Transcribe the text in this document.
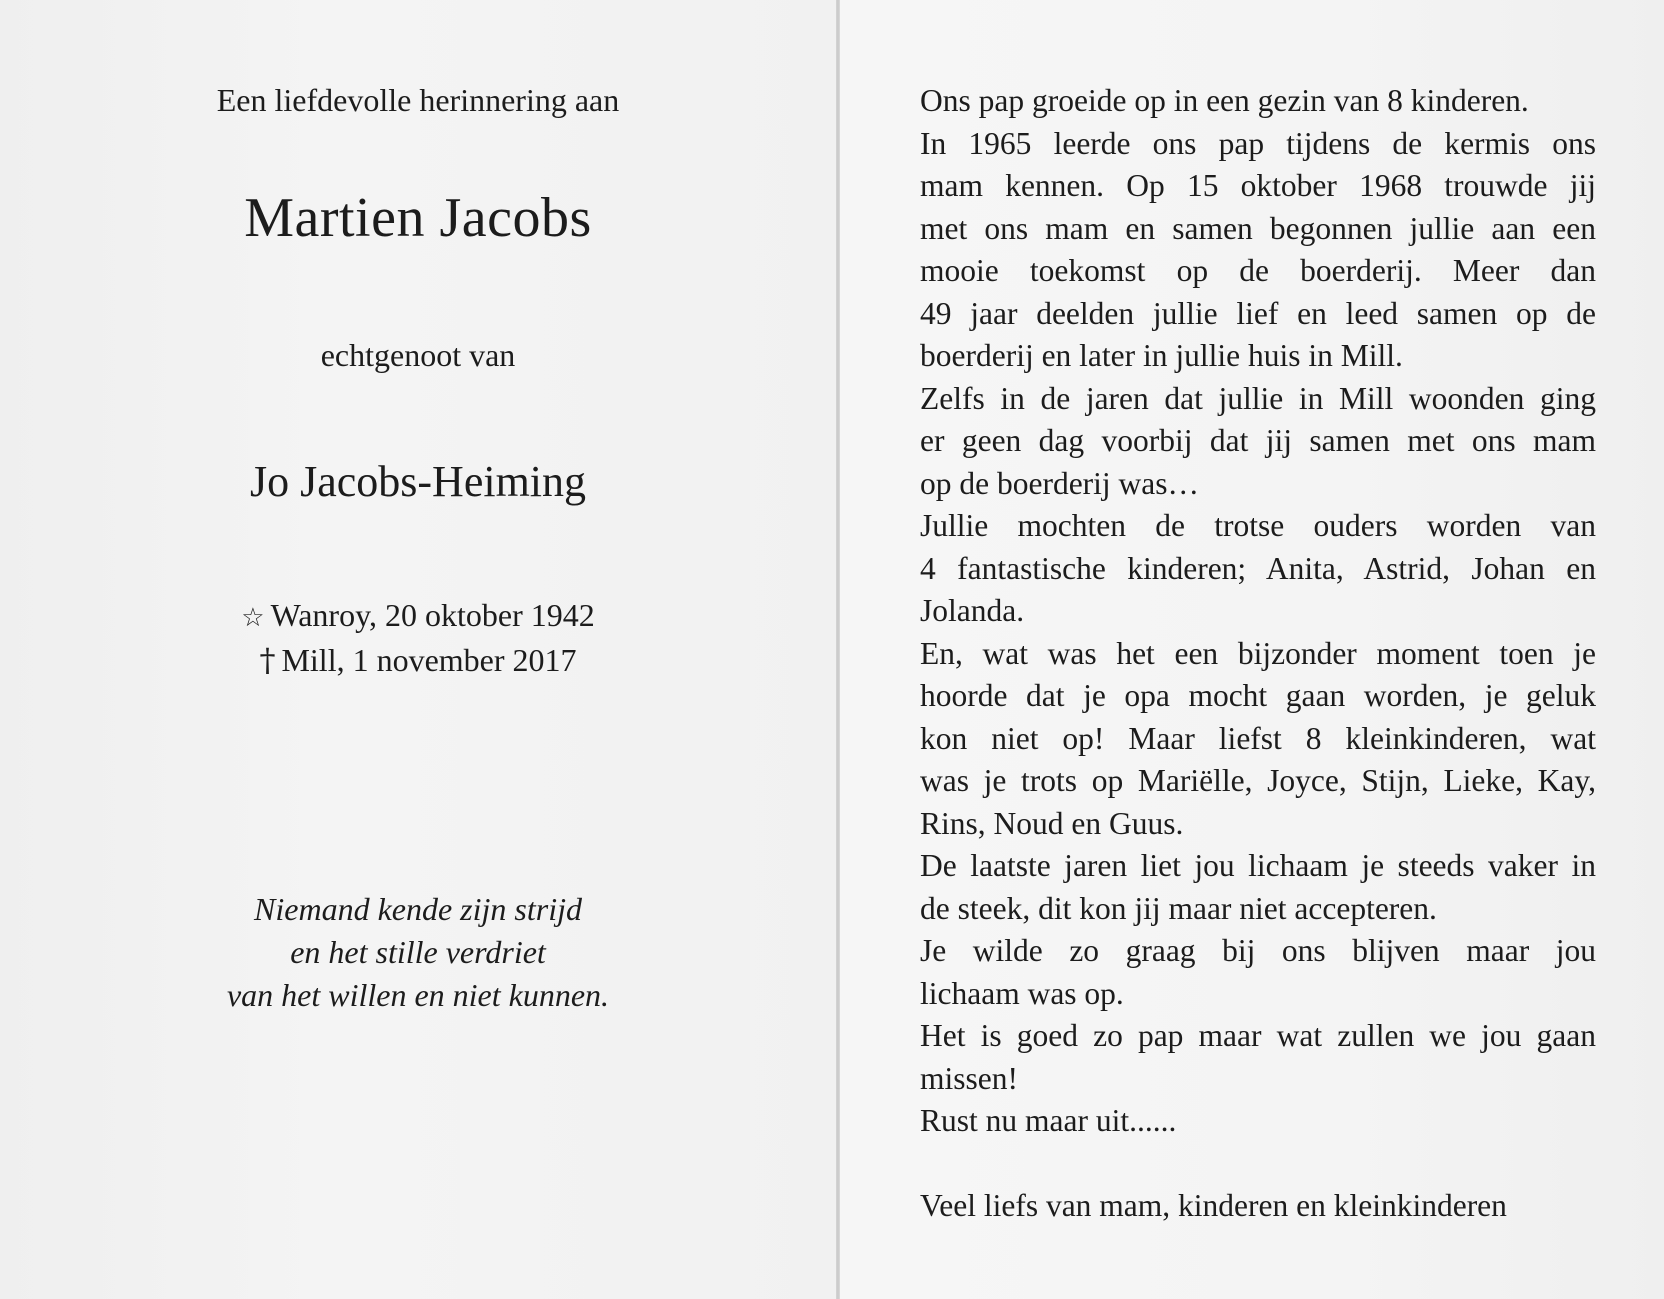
Een liefdevolle herinnering aan
Martien Jacobs
echtgenoot van
Jo Jacobs-Heiming
☆ Wanroy, 20 oktober 1942
† Mill, 1 november 2017
Niemand kende zijn strijd
en het stille verdriet
van het willen en niet kunnen.
Ons pap groeide op in een gezin van 8 kinderen.
In 1965 leerde ons pap tijdens de kermis ons
mam kennen. Op 15 oktober 1968 trouwde jij
met ons mam en samen begonnen jullie aan een
mooie toekomst op de boerderij. Meer dan
49 jaar deelden jullie lief en leed samen op de
boerderij en later in jullie huis in Mill.
Zelfs in de jaren dat jullie in Mill woonden ging
er geen dag voorbij dat jij samen met ons mam
op de boerderij was…
Jullie mochten de trotse ouders worden van
4 fantastische kinderen; Anita, Astrid, Johan en
Jolanda.
En, wat was het een bijzonder moment toen je
hoorde dat je opa mocht gaan worden, je geluk
kon niet op! Maar liefst 8 kleinkinderen, wat
was je trots op Mariëlle, Joyce, Stijn, Lieke, Kay,
Rins, Noud en Guus.
De laatste jaren liet jou lichaam je steeds vaker in
de steek, dit kon jij maar niet accepteren.
Je wilde zo graag bij ons blijven maar jou
lichaam was op.
Het is goed zo pap maar wat zullen we jou gaan
missen!
Rust nu maar uit......
Veel liefs van mam, kinderen en kleinkinderen
